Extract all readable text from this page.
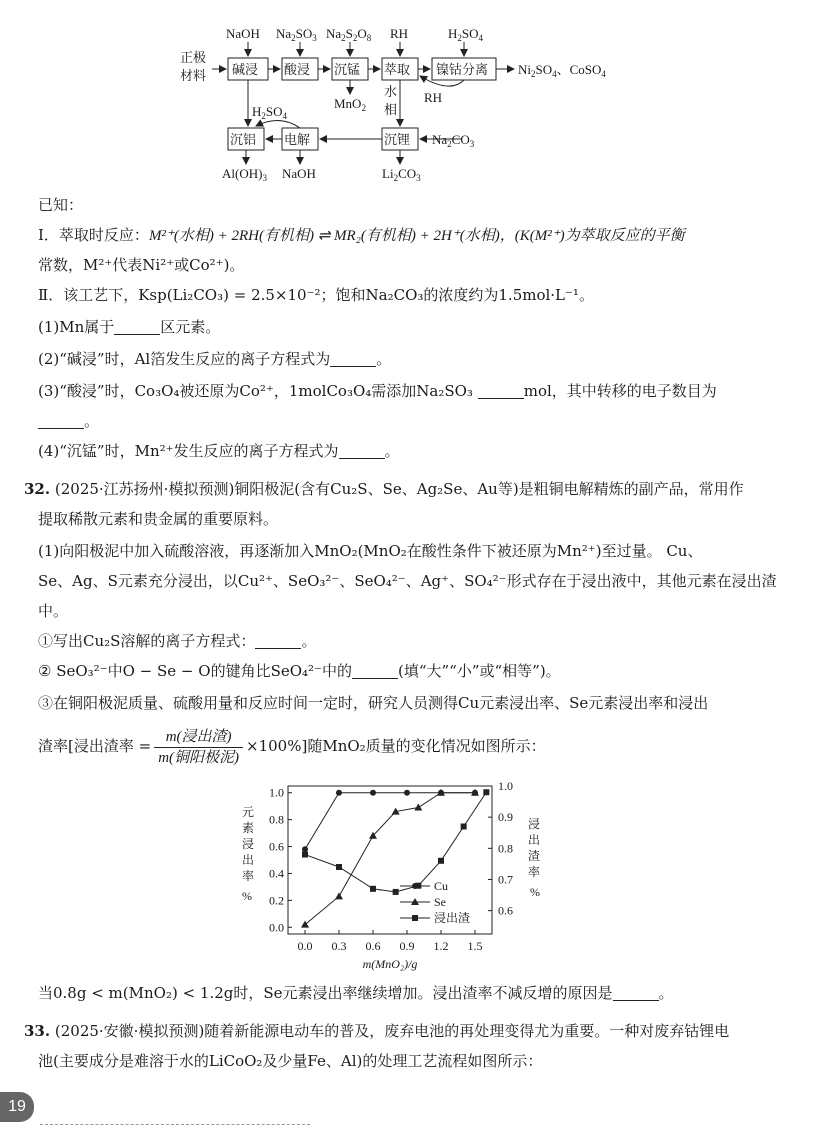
正极
材料 碱浸 酸浸 沉锰 萃取 镍钴分离 $Ni_2SO_4$、CoSO$_4$
NaOH $Na_2SO_3$ $Na_2S_2O_8$ RH	$H_2SO_4$
MnO$_2$
RH
水
相
沉铝 电解	沉锂
$H_2SO_4$
$Na_2CO_3$
$Al(OH)_3$ NaOH	$Li_2CO_3$
已知：
Ⅰ．萃取时反应：M²⁺(水相) + 2RH(有机相) ⇌ MR₂(有机相) + 2H⁺(水相)，(K(M²⁺)为萃取反应的平衡
常数，M²⁺代表Ni²⁺或Co²⁺)。
Ⅱ．该工艺下，Ksp(Li₂CO₃) = 2.5×10⁻²；饱和Na₂CO₃的浓度约为1.5mol·L⁻¹。
(1)Mn属于	区元素。
(2)“碱浸”时，Al箔发生反应的离子方程式为	。
(3)“酸浸”时，Co₃O₄被还原为Co²⁺，1molCo₃O₄需添加Na₂SO₃	mol，其中转移的电子数目为
。
(4)“沉锰”时，Mn²⁺发生反应的离子方程式为	。
32. (2025·江苏扬州·模拟预测)铜阳极泥(含有Cu₂S、Se、Ag₂Se、Au等)是粗铜电解精炼的副产品，常用作
提取稀散元素和贵金属的重要原料。
(1)向阳极泥中加入硫酸溶液，再逐渐加入MnO₂(MnO₂在酸性条件下被还原为Mn²⁺)至过量。 Cu、
Se、Ag、S元素充分浸出，以Cu²⁺、SeO₃²⁻、SeO₄²⁻、Ag⁺、SO₄²⁻形式存在于浸出液中，其他元素在浸出渣
中。
①写出Cu₂S溶解的离子方程式：	。
② SeO₃²⁻中O − Se − O的键角比SeO₄²⁻中的	(填“大”“小”或“相等”)。
③在铜阳极泥质量、硫酸用量和反应时间一定时，研究人员测得Cu元素浸出率、Se元素浸出率和浸出
渣率[浸出渣率 = $\frac{\text{m(浸出渣)}}{\text{m(铜阳极泥)}} \times 100\%$]随MnO₂质量的变化情况如图所示：
0.0 0.3 0.6 0.9 1.2 1.5
0.0
0.2
0.4
0.6
0.8
1.0
0.6
0.7
0.8
0.9
1.0
m(MnO₂)/g
元
素
浸
出
率
%
浸
出
渣
率
%
Cu
Se
浸出渣
当0.8g < m(MnO₂) < 1.2g时，Se元素浸出率继续增加。浸出渣率不减反增的原因是	。
33. (2025·安徽·模拟预测)随着新能源电动车的普及，废弃电池的再处理变得尤为重要。一种对废弃钴锂电
池(主要成分是难溶于水的LiCoO₂及少量Fe、Al)的处理工艺流程如图所示：
19
